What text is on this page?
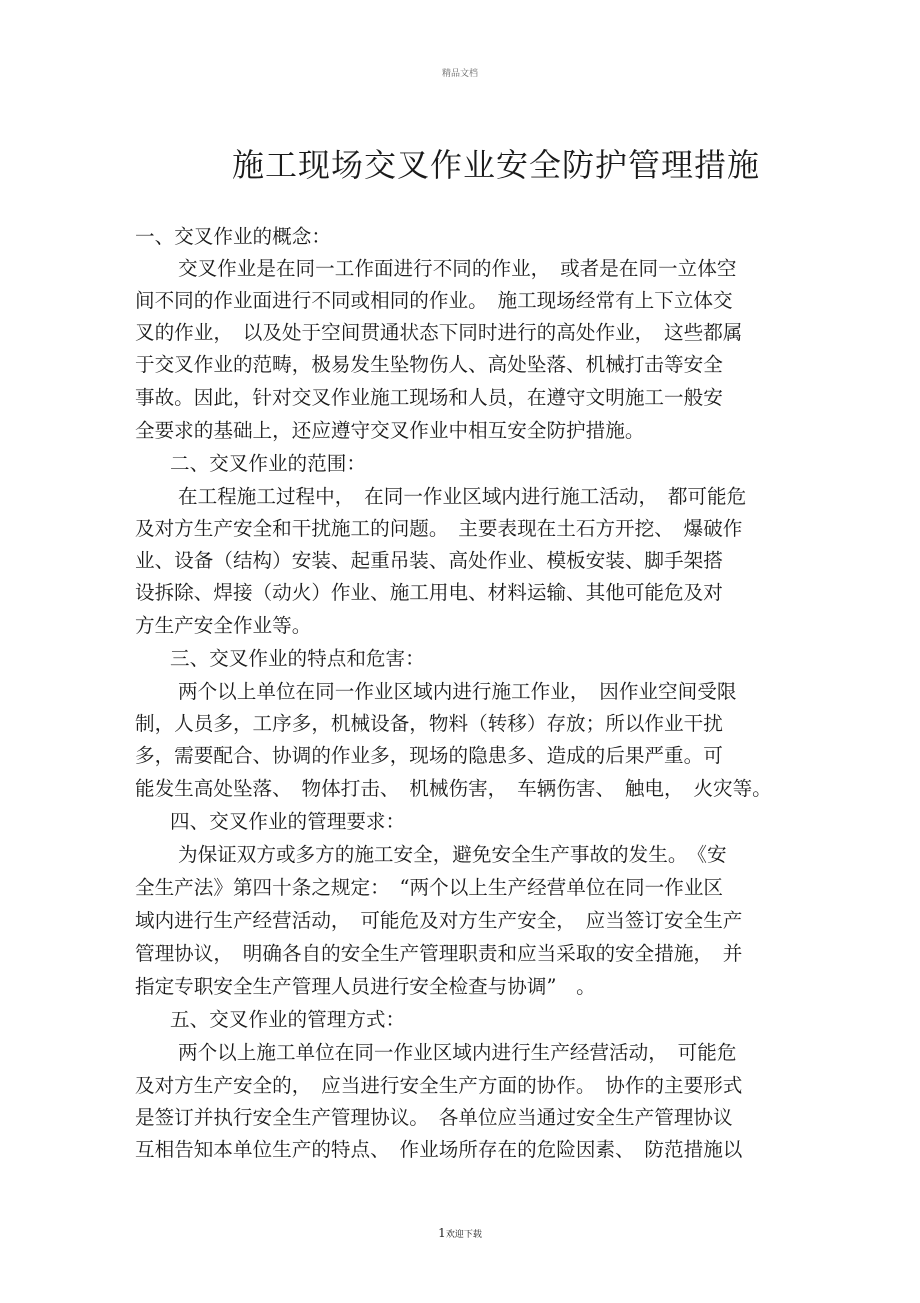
精品文档
施工现场交叉作业安全防护管理措施
一、交叉作业的概念：
交叉作业是在同一工作面进行不同的作业，　或者是在同一立体空
间不同的作业面进行不同或相同的作业。　施工现场经常有上下立体交
叉的作业，　以及处于空间贯通状态下同时进行的高处作业，　这些都属
于交叉作业的范畴，极易发生坠物伤人、高处坠落、机械打击等安全
事故。因此，针对交叉作业施工现场和人员，在遵守文明施工一般安
全要求的基础上，还应遵守交叉作业中相互安全防护措施。
二、交叉作业的范围：
在工程施工过程中，　在同一作业区域内进行施工活动，　都可能危
及对方生产安全和干扰施工的问题。　主要表现在土石方开挖、　爆破作
业、设备（结构）安装、起重吊装、高处作业、模板安装、脚手架搭
设拆除、焊接（动火）作业、施工用电、材料运输、其他可能危及对
方生产安全作业等。
三、交叉作业的特点和危害：
两个以上单位在同一作业区域内进行施工作业，　因作业空间受限
制，人员多，工序多，机械设备，物料（转移）存放；所以作业干扰
多，需要配合、协调的作业多，现场的隐患多、造成的后果严重。可
能发生高处坠落、　物体打击、　机械伤害，　车辆伤害、　触电，　火灾等。
四、交叉作业的管理要求：
为保证双方或多方的施工安全，避免安全生产事故的发生。　《安
全生产法》第四十条之规定：　“两个以上生产经营单位在同一作业区
域内进行生产经营活动，　可能危及对方生产安全，　应当签订安全生产
管理协议，　明确各自的安全生产管理职责和应当采取的安全措施，　并
指定专职安全生产管理人员进行安全检查与协调”　。
五、交叉作业的管理方式：
两个以上施工单位在同一作业区域内进行生产经营活动，　可能危
及对方生产安全的，　应当进行安全生产方面的协作。　协作的主要形式
是签订并执行安全生产管理协议。　各单位应当通过安全生产管理协议
互相告知本单位生产的特点、　作业场所存在的危险因素、　防范措施以
1欢迎下载
